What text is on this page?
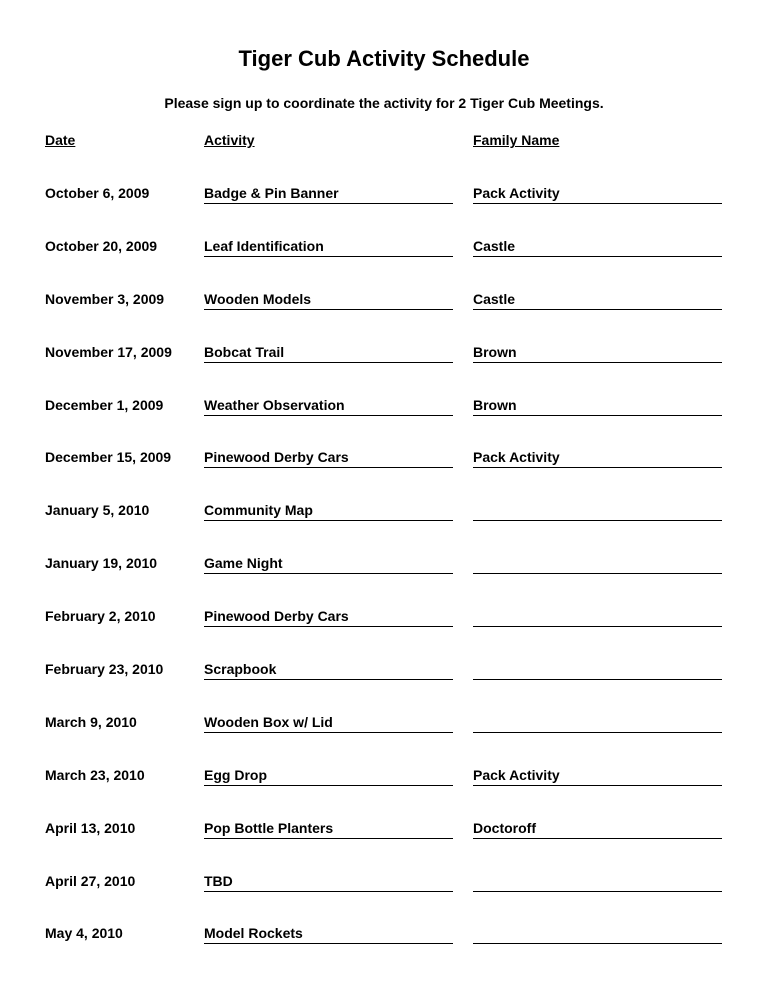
Tiger Cub Activity Schedule
Please sign up to coordinate the activity for 2 Tiger Cub Meetings.
Date	Activity	Family Name
October 6, 2009	Badge & Pin Banner	Pack Activity
October 20, 2009	Leaf Identification	Castle
November 3, 2009	Wooden Models	Castle
November 17, 2009 Bobcat Trail	Brown
December 1, 2009	Weather Observation	Brown
December 15, 2009 Pinewood Derby Cars	Pack Activity
January 5, 2010	Community Map
January 19, 2010	Game Night
February 2, 2010	Pinewood Derby Cars
February 23, 2010	Scrapbook
March 9, 2010	Wooden Box w/ Lid
March 23, 2010	Egg Drop	Pack Activity
April 13, 2010	Pop Bottle Planters	Doctoroff
April 27, 2010	TBD
May 4, 2010	Model Rockets
